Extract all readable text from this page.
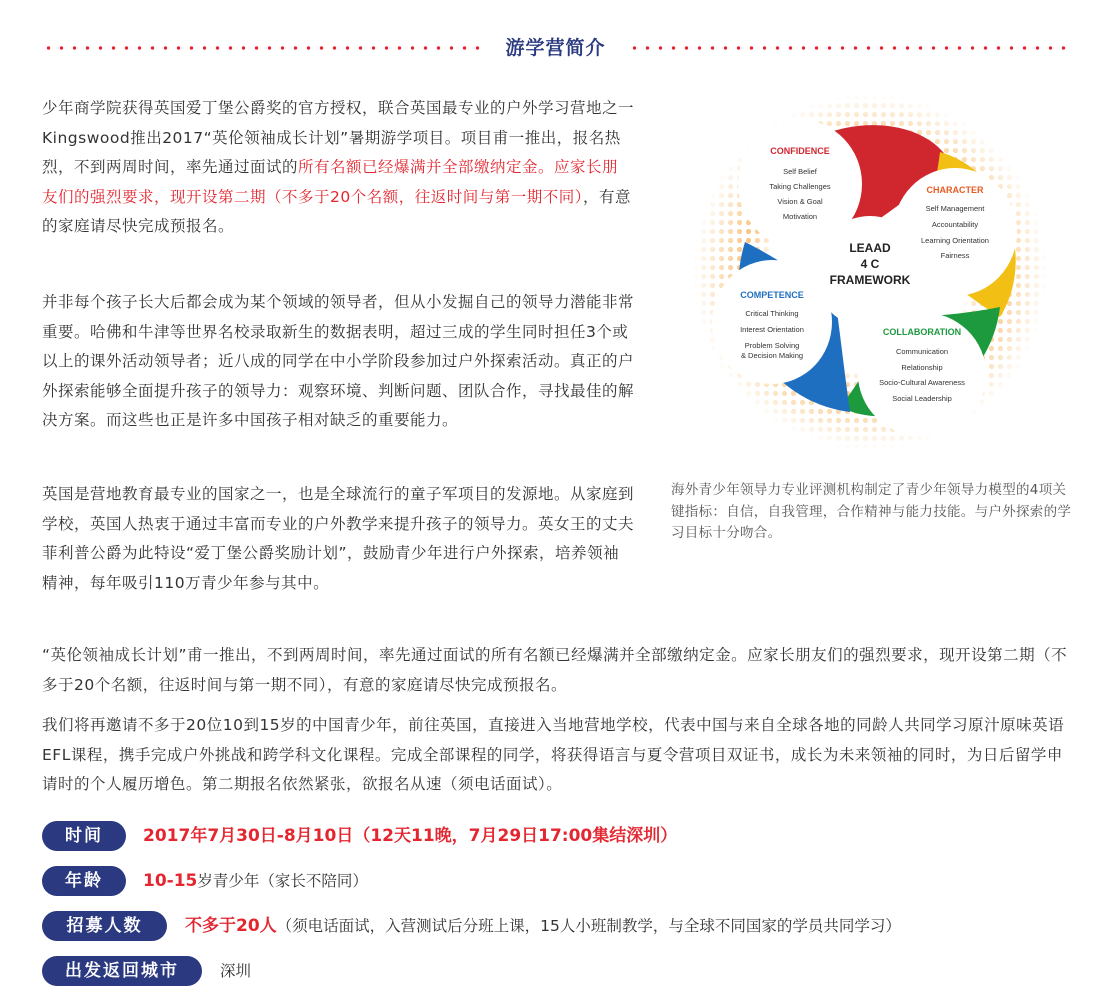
游学营简介
少年商学院获得英国爱丁堡公爵奖的官方授权，联合英国最专业的户外学习营地之一Kingswood推出2017“英伦领袖成长计划”暑期游学项目。项目甫一推出，报名热烈，不到两周时间，率先通过面试的所有名额已经爆满并全部缴纳定金。应家长朋友们的强烈要求，现开设第二期（不多于20个名额，往返时间与第一期不同），有意的家庭请尽快完成预报名。
并非每个孩子长大后都会成为某个领域的领导者，但从小发掘自己的领导力潜能非常重要。哈佛和牛津等世界名校录取新生的数据表明，超过三成的学生同时担任3个或以上的课外活动领导者；近八成的同学在中小学阶段参加过户外探索活动。真正的户外探索能够全面提升孩子的领导力：观察环境、判断问题、团队合作，寻找最佳的解决方案。而这些也正是许多中国孩子相对缺乏的重要能力。
英国是营地教育最专业的国家之一，也是全球流行的童子军项目的发源地。从家庭到学校，英国人热衷于通过丰富而专业的户外教学来提升孩子的领导力。英女王的丈夫菲利普公爵为此特设“爱丁堡公爵奖励计划”，鼓励青少年进行户外探索，培养领袖精神，每年吸引110万青少年参与其中。
LEAAD
4 C
FRAMEWORK
CONFIDENCE
Self Belief
Taking Challenges
Vision & Goal
Motivation
CHARACTER
Self Management
Accountability
Learning Orientation
Fairness
COMPETENCE
Critical Thinking
Interest Orientation
Problem Solving
& Decision Making
COLLABORATION
Communication
Relationship
Socio-Cultural Awareness
Social Leadership
海外青少年领导力专业评测机构制定了青少年领导力模型的4项关键指标：自信，自我管理，合作精神与能力技能。与户外探索的学习目标十分吻合。
“英伦领袖成长计划”甫一推出，不到两周时间，率先通过面试的所有名额已经爆满并全部缴纳定金。应家长朋友们的强烈要求，现开设第二期（不多于20个名额，往返时间与第一期不同），有意的家庭请尽快完成预报名。
我们将再邀请不多于20位10到15岁的中国青少年，前往英国，直接进入当地营地学校，代表中国与来自全球各地的同龄人共同学习原汁原味英语EFL课程，携手完成户外挑战和跨学科文化课程。完成全部课程的同学，将获得语言与夏令营项目双证书，成长为未来领袖的同时，为日后留学申请时的个人履历增色。第二期报名依然紧张，欲报名从速（须电话面试）。
时间	2017年7月30日-8月10日（12天11晚，7月29日17:00集结深圳）
年龄	10-15岁青少年（家长不陪同）
招募人数	不多于20人（须电话面试，入营测试后分班上课，15人小班制教学，与全球不同国家的学员共同学习）
出发返回城市	深圳
